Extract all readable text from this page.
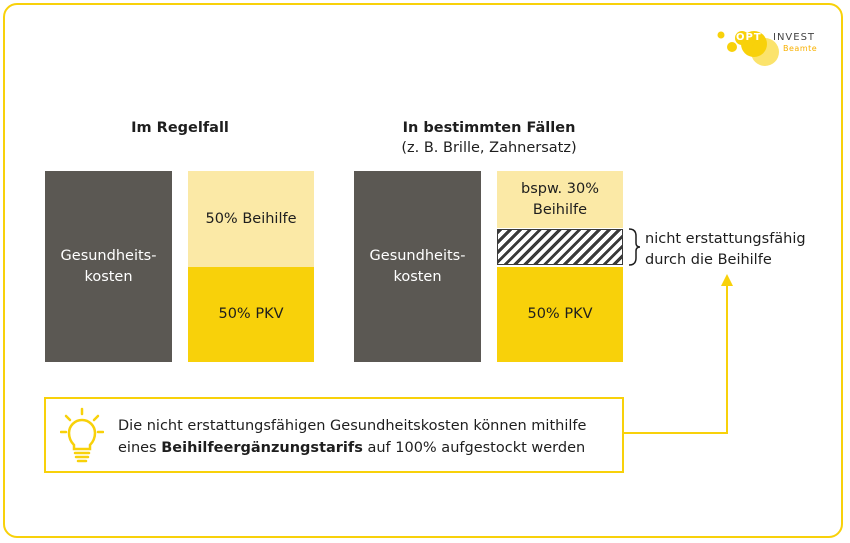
OPT INVEST
Beamte
Im Regelfall
Gesundheits-
kosten
50% Beihilfe
50% PKV
In bestimmten Fällen
(z. B. Brille, Zahnersatz)
Gesundheits-
kosten
bspw. 30%
Beihilfe
50% PKV
nicht erstattungsfähig
durch die Beihilfe
Die nicht erstattungsfähigen Gesundheitskosten können mithilfe
eines Beihilfeergänzungstarifs auf 100% aufgestockt werden
